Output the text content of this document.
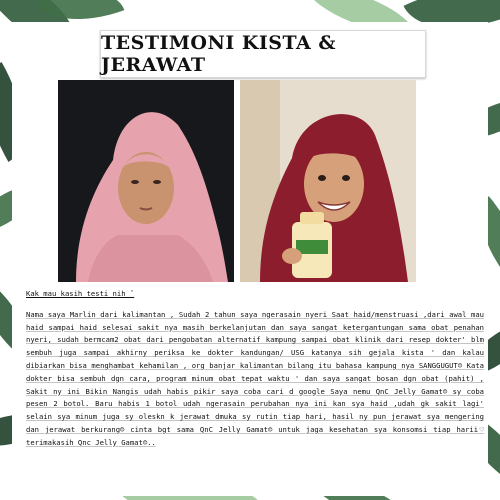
TESTIMONI KISTA & JERAWAT

Kak mau kasih testi nih ˇ

Nama saya Marlin dari kalimantan , Sudah 2 tahun saya ngerasain nyeri Saat haid/menstruasi ,dari awal mau haid sampai haid selesai sakit nya masih berkelanjutan dan saya sangat ketergantungan sama obat penahan nyeri, sudah bermcam2 obat dari pengobatan alternatif kampung sampai obat klinik dari resep dokter' blm sembuh juga sampai akhirny periksa ke dokter kandungan/ USG katanya sih gejala kista ' dan kalau dibiarkan bisa menghambat kehamilan , org banjar kalimantan bilang itu bahasa kampung nya SANGGUGUT☹ Kata dokter bisa sembuh dgn cara, program minum obat tepat waktu ' dan saya sangat bosan dgn obat (pahit) , Sakit ny ini Bikin Nangis udah habis pikir saya coba cari d google Saya nemu QnC Jelly Gamat☺ sy coba pesen 2 botol. Baru habis 1 botol udah ngerasain perubahan nya ini kan sya haid ,udah gk sakit lagi' selain sya minum juga sy oleskn k jerawat dmuka sy rutin tiap hari, hasil ny pun jerawat sya mengering dan jerawat berkurang☺ cinta bgt sama QnC Jelly Gamat☺ untuk jaga kesehatan sya konsomsi tiap harii♡ terimakasih Qnc Jelly Gamat☺..
